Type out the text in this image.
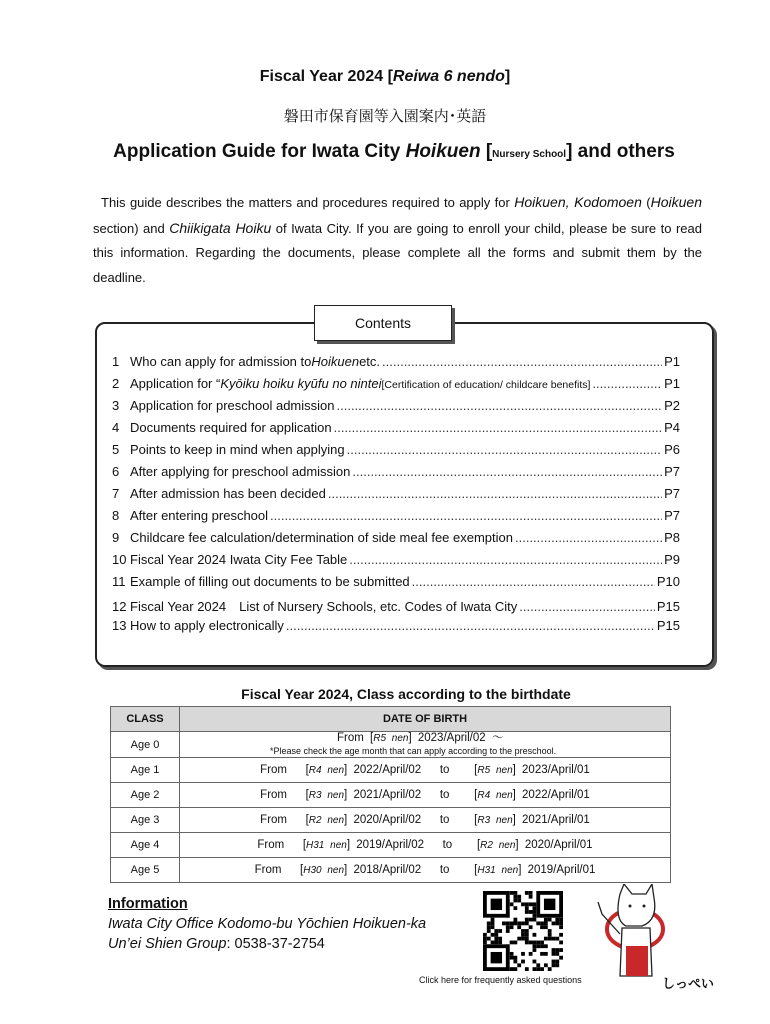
Fiscal Year 2024 [Reiwa 6 nendo]
磐田市保育園等入園案内･英語
Application Guide for Iwata City Hoikuen [Nursery School] and others
This guide describes the matters and procedures required to apply for Hoikuen, Kodomoen (Hoikuen section) and Chiikigata Hoiku of Iwata City. If you are going to enroll your child, please be sure to read this information. Regarding the documents, please complete all the forms and submit them by the deadline.
Contents
1 Who can apply for admission to Hoikuen etc. .....	P1
2 Application for “ Kyōiku hoiku kyūfu no nintei [Certification of education/ childcare benefits] .....	P1
3 Application for preschool admission .....	P2
4 Documents required for application .....	P4
5 Points to keep in mind when applying .....	P6
6 After applying for preschool admission .....	P7
7 After admission has been decided .....	P7
8 After entering preschool .....	P7
9 Childcare fee calculation/determination of side meal fee exemption .....	P8
10 Fiscal Year 2024 Iwata City Fee Table .....	P9
11 Example of filling out documents to be submitted .....	P10
12 Fiscal Year 2024　List of Nursery Schools, etc. Codes of Iwata City .....	P15
13 How to apply electronically .....	P15
Fiscal Year 2024, Class according to the birthdate
CLASS	DATE OF BIRTH
Age 0	From [R5 nen] 2023/April/02 ～
*Please check the age month that can apply according to the preschool.

Age 1	From   [R4 nen] 2022/April/02 to    [R5 nen] 2023/April/01
Age 2	From   [R3 nen] 2021/April/02 to    [R4 nen] 2022/April/01
Age 3	From   [R2 nen] 2020/April/02 to    [R3 nen] 2021/April/01
Age 4	From   [H31 nen] 2019/April/02 to    [R2 nen] 2020/April/01
Age 5	From   [H30 nen] 2018/April/02 to    [H31 nen] 2019/April/01
Information
Iwata City Office Kodomo-bu Yōchien Hoikuen-ka
Un’ei Shien Group: 0538-37-2754
Click here for frequently asked questions	しっぺい
